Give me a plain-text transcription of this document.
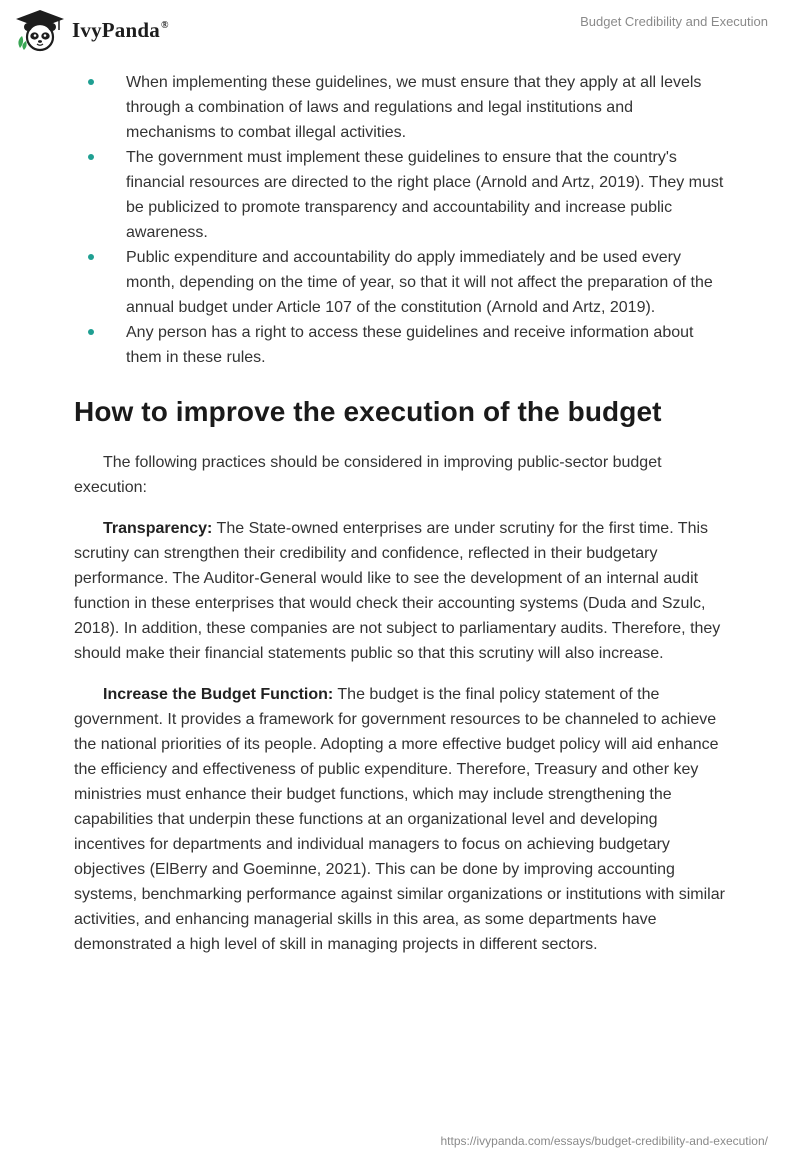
IvyPanda®	Budget Credibility and Execution
When implementing these guidelines, we must ensure that they apply at all levels through a combination of laws and regulations and legal institutions and mechanisms to combat illegal activities.
The government must implement these guidelines to ensure that the country's financial resources are directed to the right place (Arnold and Artz, 2019). They must be publicized to promote transparency and accountability and increase public awareness.
Public expenditure and accountability do apply immediately and be used every month, depending on the time of year, so that it will not affect the preparation of the annual budget under Article 107 of the constitution (Arnold and Artz, 2019).
Any person has a right to access these guidelines and receive information about them in these rules.
How to improve the execution of the budget

The following practices should be considered in improving public-sector budget execution:

Transparency: The State-owned enterprises are under scrutiny for the first time. This scrutiny can strengthen their credibility and confidence, reflected in their budgetary performance. The Auditor-General would like to see the development of an internal audit function in these enterprises that would check their accounting systems (Duda and Szulc, 2018). In addition, these companies are not subject to parliamentary audits. Therefore, they should make their financial statements public so that this scrutiny will also increase.

Increase the Budget Function: The budget is the final policy statement of the government. It provides a framework for government resources to be channeled to achieve the national priorities of its people. Adopting a more effective budget policy will aid enhance the efficiency and effectiveness of public expenditure. Therefore, Treasury and other key ministries must enhance their budget functions, which may include strengthening the capabilities that underpin these functions at an organizational level and developing incentives for departments and individual managers to focus on achieving budgetary objectives (ElBerry and Goeminne, 2021). This can be done by improving accounting systems, benchmarking performance against similar organizations or institutions with similar activities, and enhancing managerial skills in this area, as some departments have demonstrated a high level of skill in managing projects in different sectors.

https://ivypanda.com/essays/budget-credibility-and-execution/
